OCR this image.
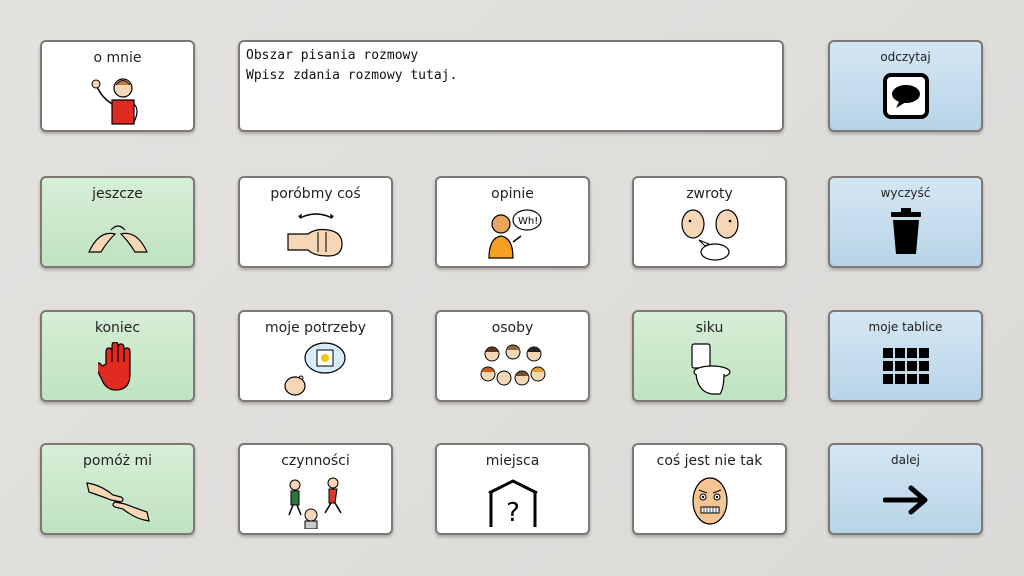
o mnie	Obszar pisania rozmowy
Wpisz zdania rozmowy tutaj.
odczytaj
jeszcze	poróbmy coś	opinie
Wh!
zwroty	wyczyść
koniec	moje potrzeby	osoby	siku	moje tablice
pomóż mi	czynności	miejsca
?
coś jest nie tak	dalej
